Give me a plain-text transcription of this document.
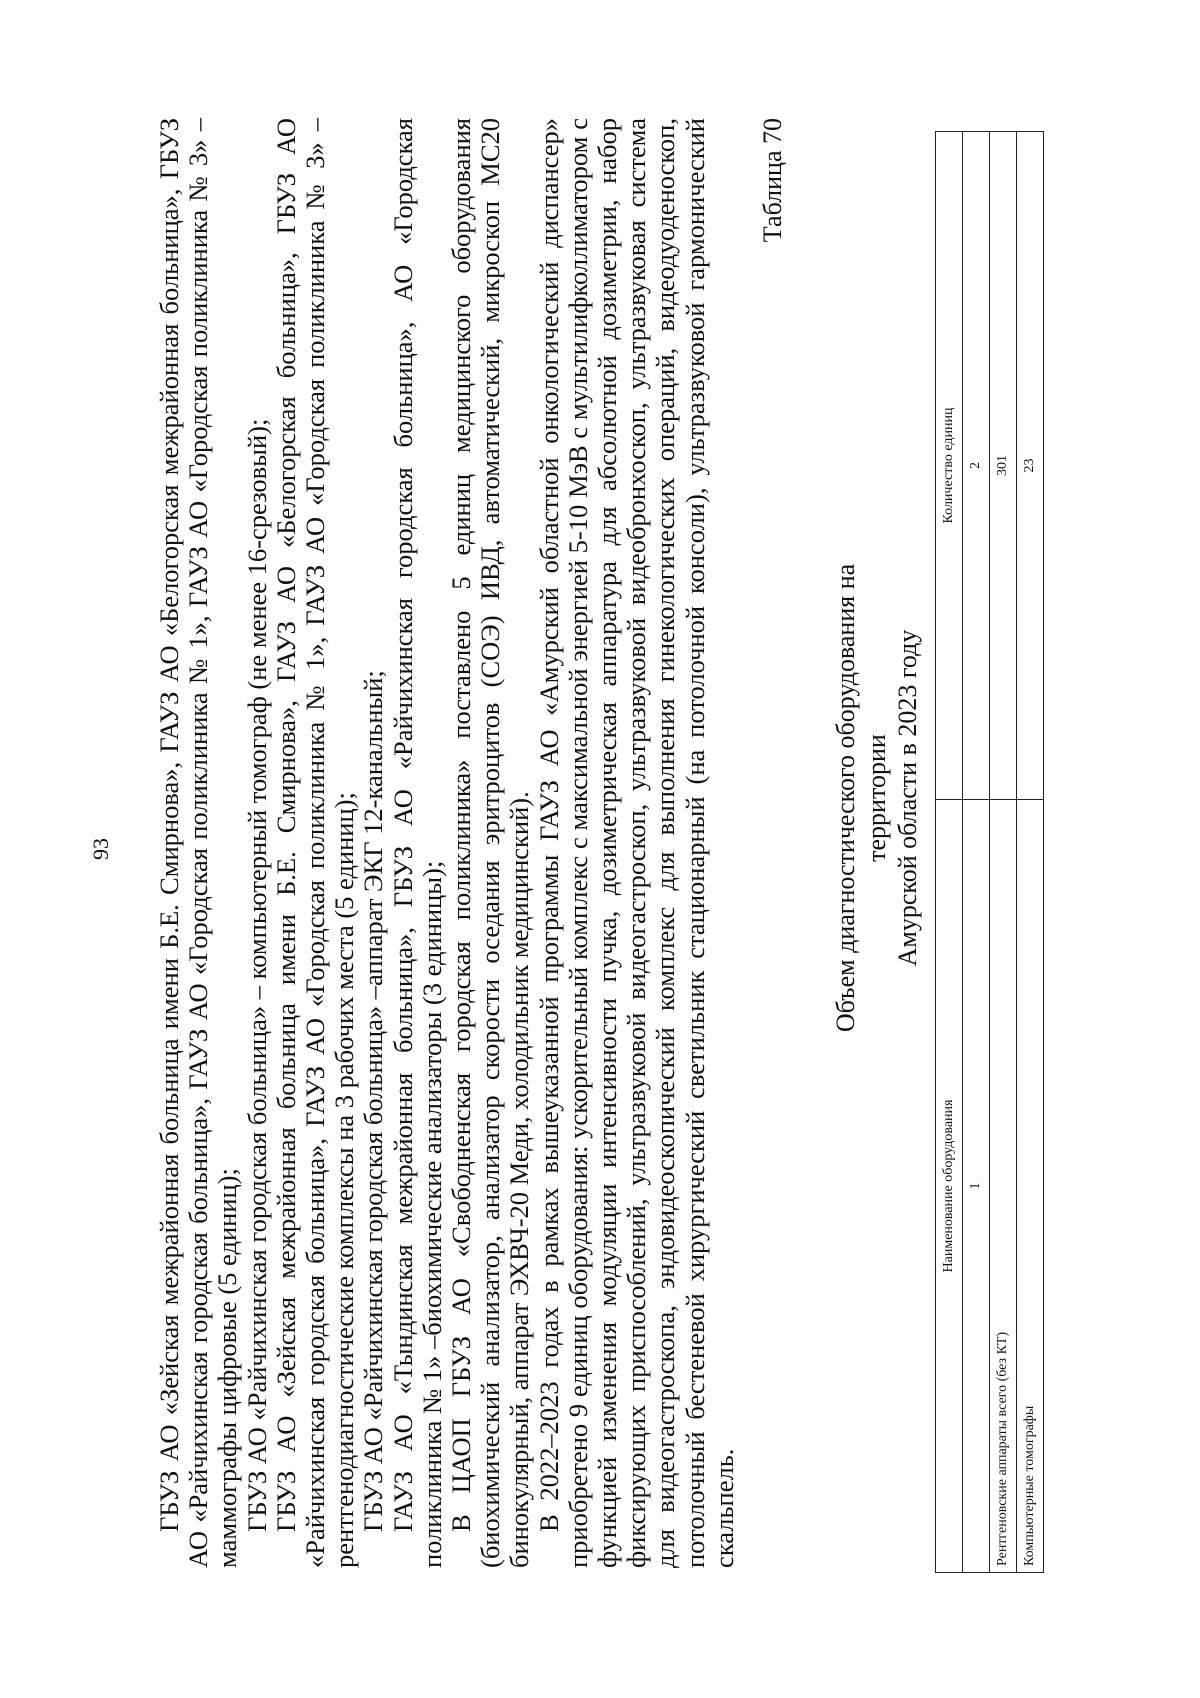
93 ГБУЗ АО «Зейская межрайонная больница имени Б.Е. Смирнова», ГАУЗ АО «Белогорская межрайонная больница», ГБУЗ АО «Райчихинская городская больница», ГАУЗ АО «Городская поликлиника № 1», ГАУЗ АО «Городская поликлиника № 3» – маммографы цифровые (5 единиц); ГБУЗ АО «Райчихинская городская больница» – компьютерный томограф (не менее 16-срезовый); ГБУЗ АО «Зейская межрайонная больница имени Б.Е. Смирнова», ГАУЗ АО «Белогорская больница», ГБУЗ АО «Райчихинская городская больница», ГАУЗ АО «Городская поликлиника № 1», ГАУЗ АО «Городская поликлиника № 3» – рентгенодиагностические комплексы на 3 рабочих места (5 единиц); ГБУЗ АО «Райчихинская городская больница» –аппарат ЭКГ 12-канальный; ГАУЗ АО «Тындинская межрайонная больница», ГБУЗ АО «Райчихинская городская больница», АО «Городская поликлиника № 1» –биохимические анализаторы (3 единицы); В ЦАОП ГБУЗ АО «Свободненская городская поликлиника» поставлено 5 единиц медицинского оборудования (биохимический анализатор, анализатор скорости оседания эритроцитов (СОЭ) ИВД, автоматический, микроскоп МС20 бинокулярный, аппарат ЭХВЧ-20 Меди, холодильник медицинский). В 2022–2023 годах в рамках вышеуказанной программы ГАУЗ АО «Амурский областной онкологический диспансер» приобретено 9 единиц оборудования: ускорительный комплекс с максимальной энергией 5-10 МэВ с мультилифколлиматором с функцией изменения модуляции интенсивности пучка, дозиметрическая аппаратура для абсолютной дозиметрии, набор фиксирующих приспособлений, ультразвуковой видеогастроскоп, ультразвуковой видеобронхоскоп, ультразвуковая система для видеогастроскопа, эндовидеоскопический комплекс для выполнения гинекологических операций, видеодуоденоскоп, потолочный бестеневой хирургический светильник стационарный (на потолочной консоли), ультразвуковой гармонический скальпель.

Таблица 70
Объем диагностического оборудования на территории Амурской области в 2023 году
Наименование оборудования	Количество единиц
1	2
Рентгеновские аппараты всего (без КТ)	301
Компьютерные томографы	23
